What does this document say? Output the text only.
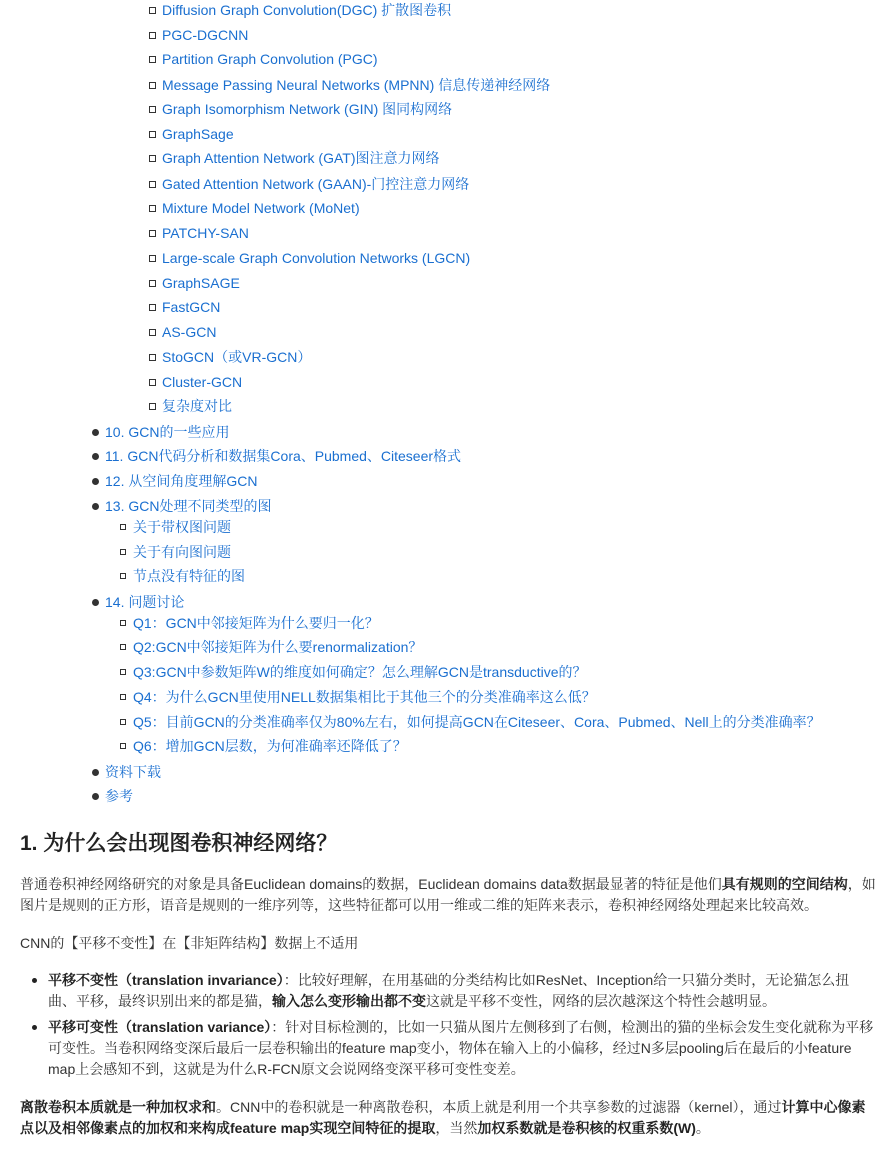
Diffusion Graph Convolution(DGC) 扩散图卷积
PGC-DGCNN
Partition Graph Convolution (PGC)
Message Passing Neural Networks (MPNN) 信息传递神经网络
Graph Isomorphism Network (GIN) 图同构网络
GraphSage
Graph Attention Network (GAT)图注意力网络
Gated Attention Network (GAAN)-门控注意力网络
Mixture Model Network (MoNet)
PATCHY-SAN
Large-scale Graph Convolution Networks (LGCN)
GraphSAGE
FastGCN
AS-GCN
StoGCN（或VR-GCN）
Cluster-GCN
复杂度对比
10. GCN的一些应用
11. GCN代码分析和数据集Cora、Pubmed、Citeseer格式
12. 从空间角度理解GCN
13. GCN处理不同类型的图
14. 问题讨论
资料下载
参考
关于带权图问题
关于有向图问题
节点没有特征的图
Q1：GCN中邻接矩阵为什么要归一化？
Q2:GCN中邻接矩阵为什么要renormalization？
Q3:GCN中参数矩阵W的维度如何确定？怎么理解GCN是transductive的？
Q4：为什么GCN里使用NELL数据集相比于其他三个的分类准确率这么低？
Q5：目前GCN的分类准确率仅为80%左右，如何提高GCN在Citeseer、Cora、Pubmed、Nell上的分类准确率？
Q6：增加GCN层数，为何准确率还降低了？
1. 为什么会出现图卷积神经网络？

普通卷积神经网络研究的对象是具备Euclidean domains的数据，Euclidean domains data数据最显著的特征是他们具有规则的空间结构，如图片是规则的正方形，语音是规则的一维序列等，这些特征都可以用一维或二维的矩阵来表示，卷积神经网络处理起来比较高效。

CNN的【平移不变性】在【非矩阵结构】数据上不适用

平移不变性（translation invariance）：比较好理解，在用基础的分类结构比如ResNet、Inception给一只猫分类时，无论猫怎么扭曲、平移，最终识别出来的都是猫，输入怎么变形输出都不变这就是平移不变性，网络的层次越深这个特性会越明显。
平移可变性（translation variance）：针对目标检测的，比如一只猫从图片左侧移到了右侧，检测出的猫的坐标会发生变化就称为平移可变性。当卷积网络变深后最后一层卷积输出的feature map变小，物体在输入上的小偏移，经过N多层pooling后在最后的小feature map上会感知不到，这就是为什么R-FCN原文会说网络变深平移可变性变差。

离散卷积本质就是一种加权求和。CNN中的卷积就是一种离散卷积，本质上就是利用一个共享参数的过滤器（kernel），通过计算中心像素点以及相邻像素点的加权和来构成feature map实现空间特征的提取，当然加权系数就是卷积核的权重系数(W)。
